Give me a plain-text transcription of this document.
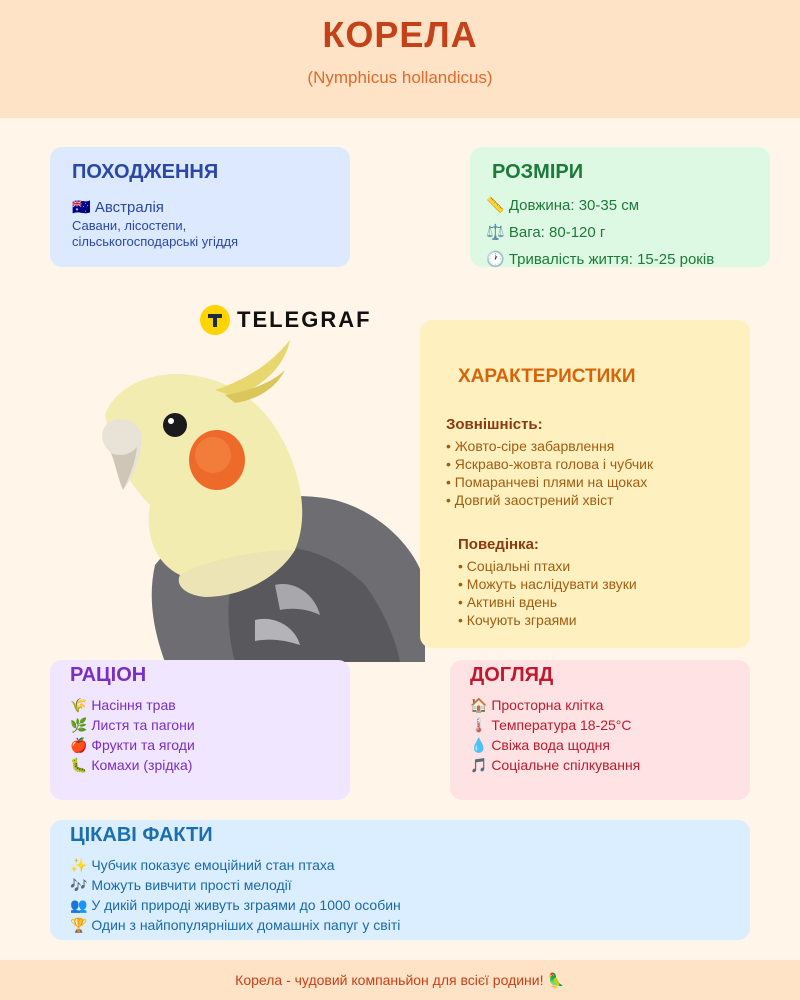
КОРЕЛА
(Nymphicus hollandicus)
ПОХОДЖЕННЯ
🇦🇺 Австралія
Савани, лісостепи, сільськогосподарські угіддя
РОЗМІРИ
📏 Довжина: 30-35 см
⚖️ Вага: 80-120 г
🕐 Тривалість життя: 15-25 років
TELEGRAF
ХАРАКТЕРИСТИКИ
Зовнішність:
• Жовто-сіре забарвлення
• Яскраво-жовта голова і чубчик
• Помаранчеві плями на щоках
• Довгий заострений хвіст
Поведінка:
• Соціальні птахи
• Можуть наслідувати звуки
• Активні вдень
• Кочують зграями
РАЦІОН
🌾 Насіння трав
🌿 Листя та пагони
🍎 Фрукти та ягоди
🐛 Комахи (зрідка)
ДОГЛЯД
🏠 Просторна клітка
🌡️ Температура 18-25°C
💧 Свіжа вода щодня
🎵 Соціальне спілкування
ЦІКАВІ ФАКТИ
✨ Чубчик показує емоційний стан птаха
🎶 Можуть вивчити прості мелодії
👥 У дикій природі живуть зграями до 1000 особин
🏆 Один з найпопулярніших домашніх папуг у світі
Корела - чудовий компаньйон для всієї родини! 🦜
